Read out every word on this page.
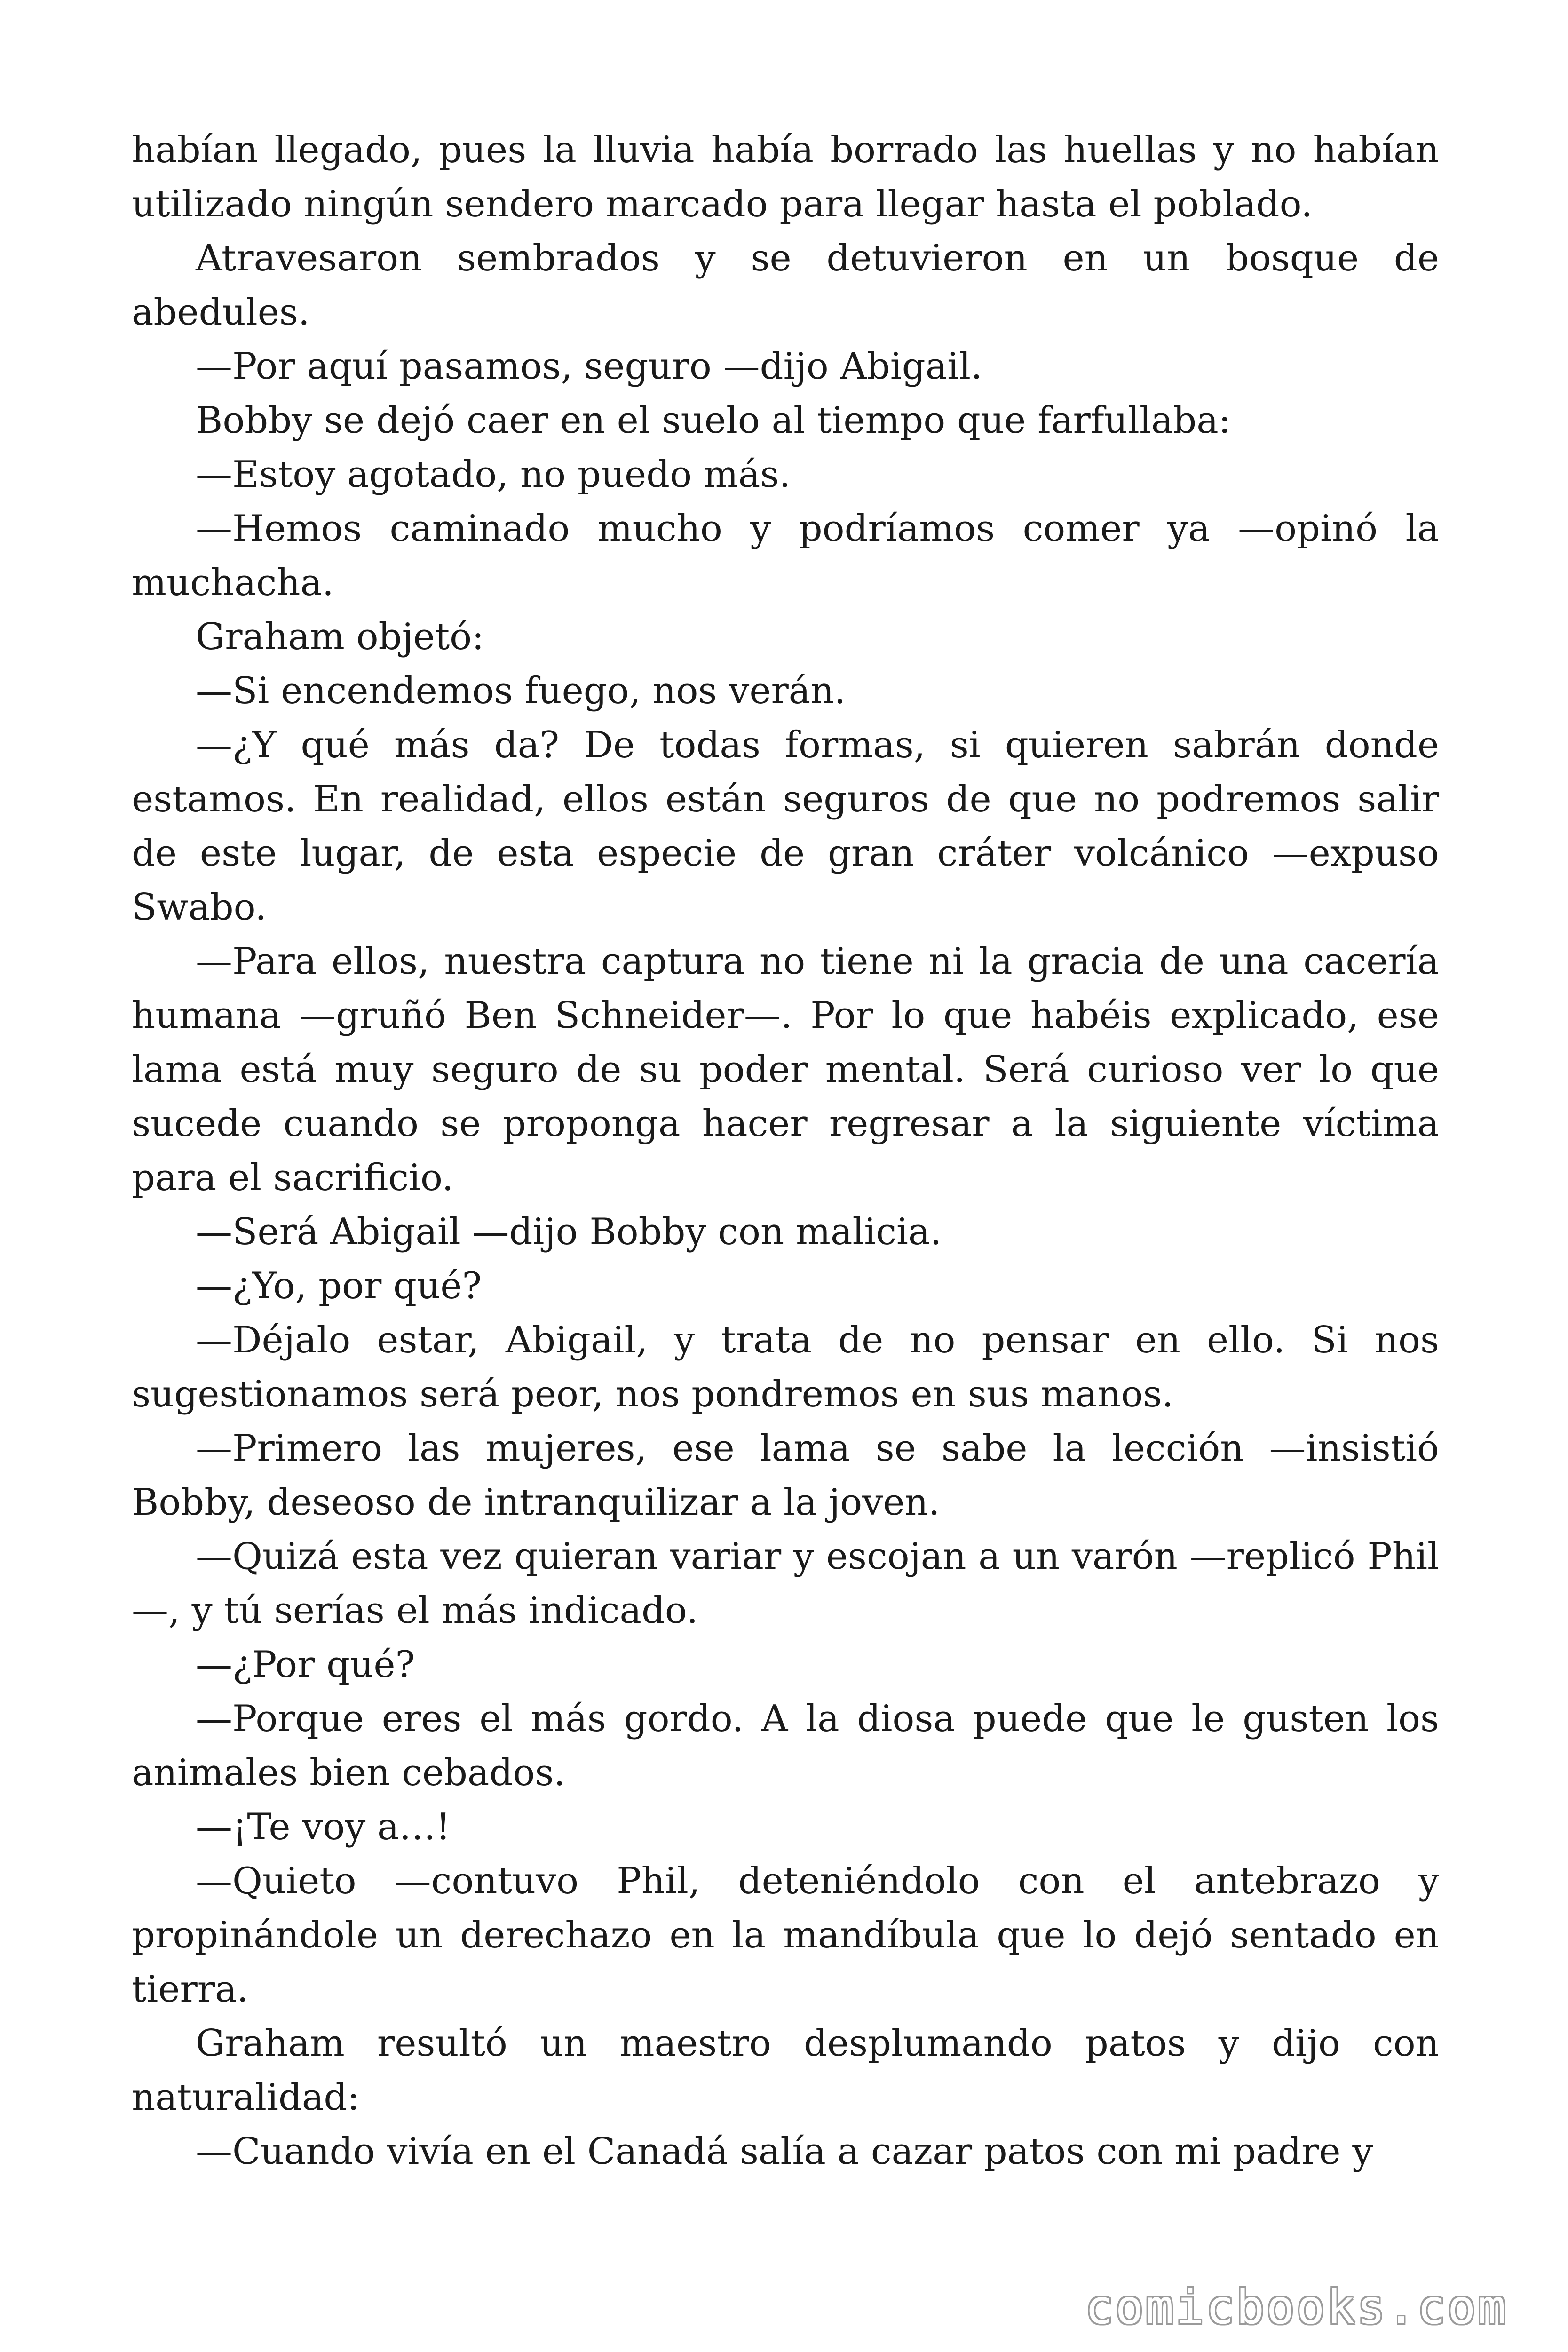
habían llegado, pues la lluvia había borrado las huellas y no habían utilizado ningún sendero marcado para llegar hasta el poblado.

Atravesaron sembrados y se detuvieron en un bosque de abedules.

—Por aquí pasamos, seguro —dijo Abigail.

Bobby se dejó caer en el suelo al tiempo que farfullaba:

—Estoy agotado, no puedo más.

—Hemos caminado mucho y podríamos comer ya —opinó la muchacha.

Graham objetó:

—Si encendemos fuego, nos verán.

—¿Y qué más da? De todas formas, si quieren sabrán donde estamos. En realidad, ellos están seguros de que no podremos salir de este lugar, de esta especie de gran cráter volcánico —expuso Swabo.

—Para ellos, nuestra captura no tiene ni la gracia de una cacería humana —gruñó Ben Schneider—. Por lo que habéis explicado, ese lama está muy seguro de su poder mental. Será curioso ver lo que sucede cuando se proponga hacer regresar a la siguiente víctima para el sacrificio.

—Será Abigail —dijo Bobby con malicia.

—¿Yo, por qué?

—Déjalo estar, Abigail, y trata de no pensar en ello. Si nos sugestionamos será peor, nos pondremos en sus manos.

—Primero las mujeres, ese lama se sabe la lección —insistió Bobby, deseoso de intranquilizar a la joven.

—Quizá esta vez quieran variar y escojan a un varón —replicó Phil—, y tú serías el más indicado.

—¿Por qué?

—Porque eres el más gordo. A la diosa puede que le gusten los animales bien cebados.

—¡Te voy a…!

—Quieto —contuvo Phil, deteniéndolo con el antebrazo y propinándole un derechazo en la mandíbula que lo dejó sentado en tierra.

Graham resultó un maestro desplumando patos y dijo con naturalidad:

—Cuando vivía en el Canadá salía a cazar patos con mi padre y

comicbooks.com
